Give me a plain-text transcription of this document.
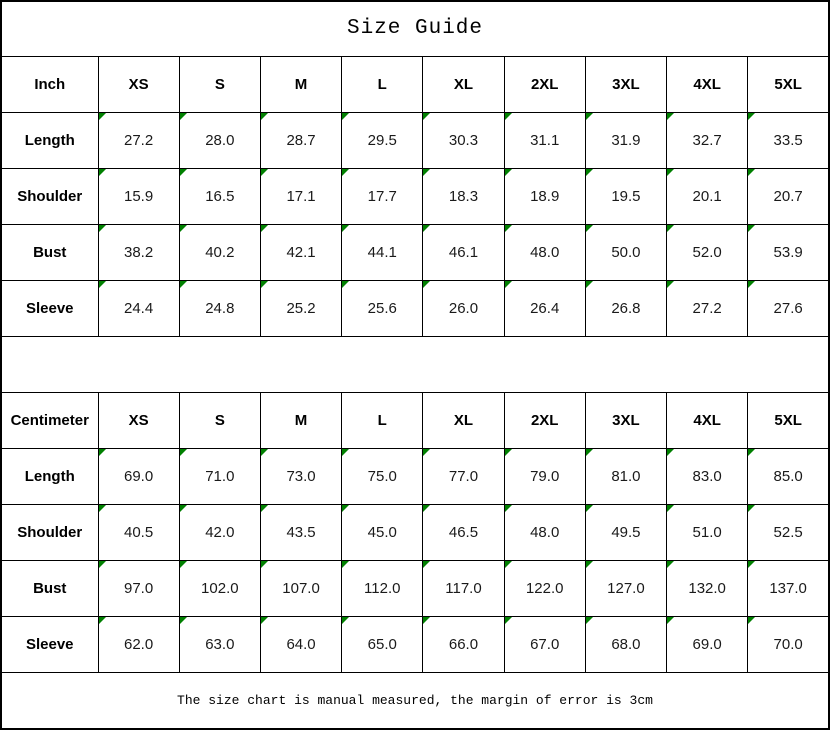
Size Guide									
Inch	XS	S	M	L	XL	2XL	3XL	4XL	5XL
Length	27.2	28.0	28.7	29.5	30.3	31.1	31.9	32.7	33.5
Shoulder	15.9	16.5	17.1	17.7	18.3	18.9	19.5	20.1	20.7
Bust	38.2	40.2	42.1	44.1	46.1	48.0	50.0	52.0	53.9
Sleeve	24.4	24.8	25.2	25.6	26.0	26.4	26.8	27.2	27.6

Centimeter	XS	S	M	L	XL	2XL	3XL	4XL	5XL
Length	69.0	71.0	73.0	75.0	77.0	79.0	81.0	83.0	85.0
Shoulder	40.5	42.0	43.5	45.0	46.5	48.0	49.5	51.0	52.5
Bust	97.0	102.0	107.0	112.0	117.0	122.0	127.0	132.0	137.0
Sleeve	62.0	63.0	64.0	65.0	66.0	67.0	68.0	69.0	70.0
The size chart is manual measured, the margin of error is 3cm									
